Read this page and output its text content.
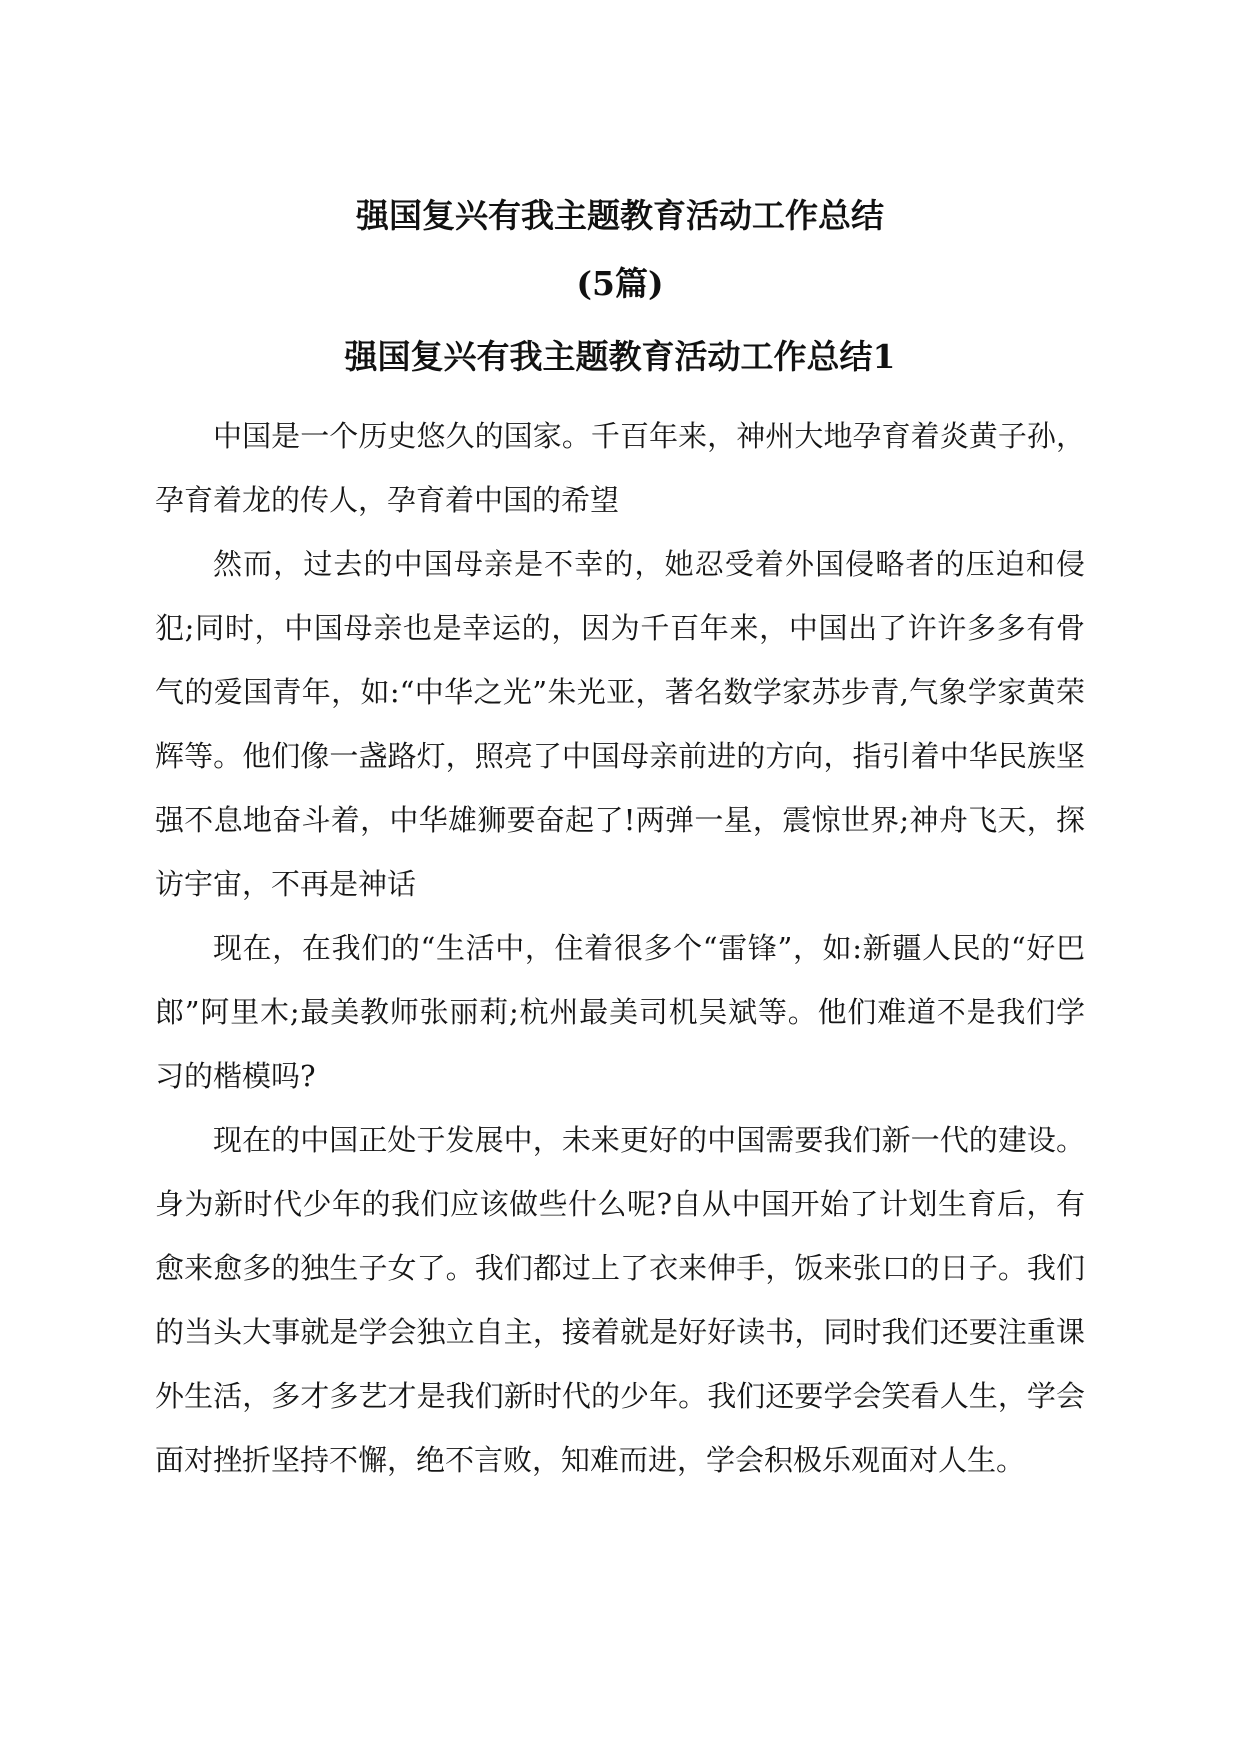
强国复兴有我主题教育活动工作总结
(5篇)
强国复兴有我主题教育活动工作总结1

中国是一个历史悠久的国家。千百年来，神州大地孕育着炎黄子孙，孕育着龙的传人，孕育着中国的希望

然而，过去的中国母亲是不幸的，她忍受着外国侵略者的压迫和侵犯;同时，中国母亲也是幸运的，因为千百年来，中国出了许许多多有骨气的爱国青年，如:“中华之光”朱光亚，著名数学家苏步青,气象学家黄荣辉等。他们像一盏路灯，照亮了中国母亲前进的方向，指引着中华民族坚强不息地奋斗着，中华雄狮要奋起了!两弹一星，震惊世界;神舟飞天，探访宇宙，不再是神话

现在，在我们的“生活中，住着很多个“雷锋”，如:新疆人民的“好巴郎”阿里木;最美教师张丽莉;杭州最美司机吴斌等。他们难道不是我们学习的楷模吗?

现在的中国正处于发展中，未来更好的中国需要我们新一代的建设。身为新时代少年的我们应该做些什么呢?自从中国开始了计划生育后，有愈来愈多的独生子女了。我们都过上了衣来伸手，饭来张口的日子。我们的当头大事就是学会独立自主，接着就是好好读书，同时我们还要注重课外生活，多才多艺才是我们新时代的少年。我们还要学会笑看人生，学会面对挫折坚持不懈，绝不言败，知难而进，学会积极乐观面对人生。
